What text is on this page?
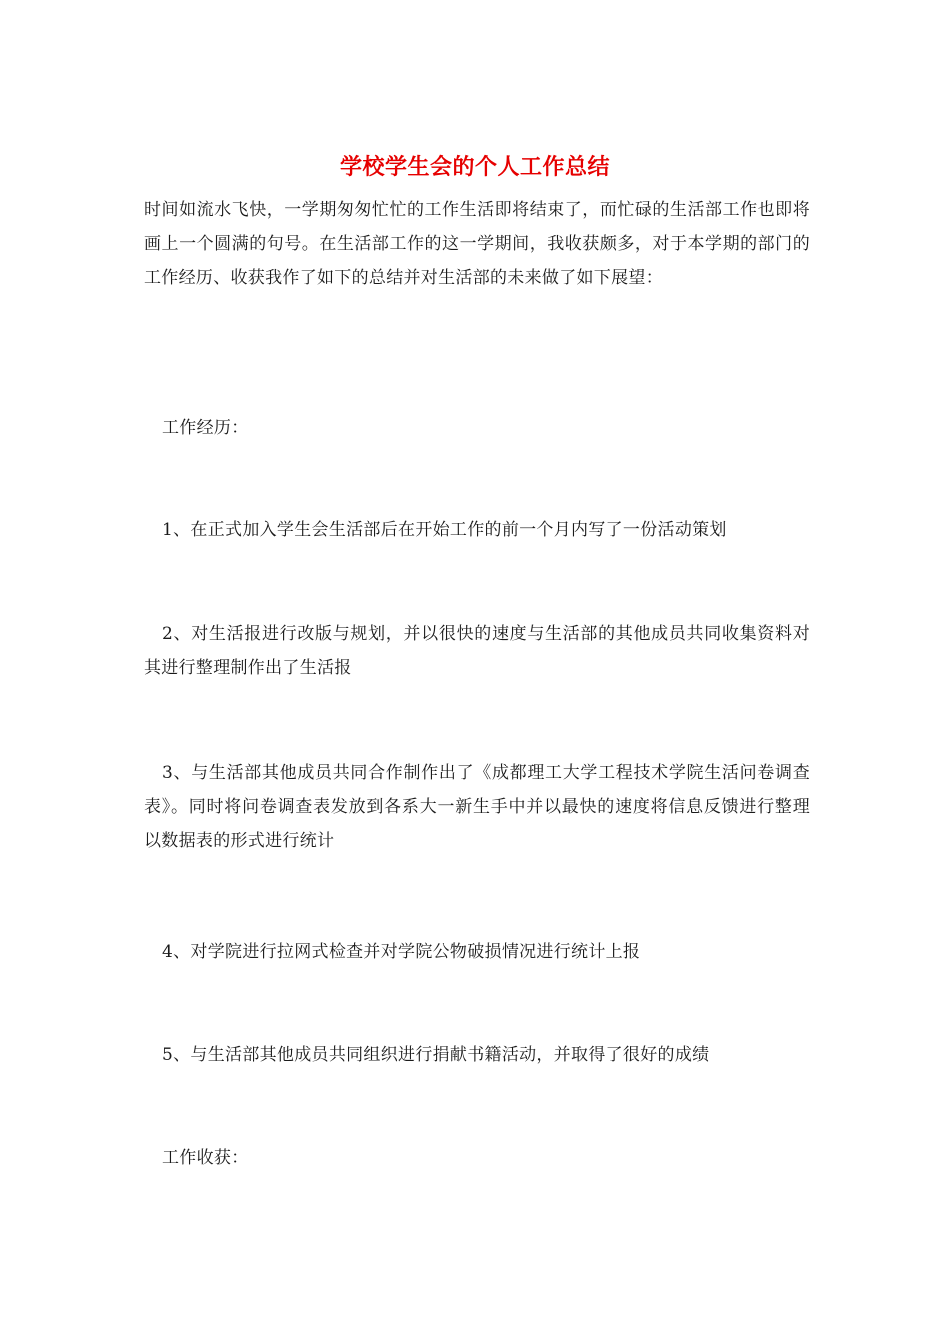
学校学生会的个人工作总结

时间如流水飞快，一学期匆匆忙忙的工作生活即将结束了，而忙碌的生活部工作也即将画上一个圆满的句号。在生活部工作的这一学期间，我收获颇多，对于本学期的部门的工作经历、收获我作了如下的总结并对生活部的未来做了如下展望：

工作经历：

1、在正式加入学生会生活部后在开始工作的前一个月内写了一份活动策划

2、对生活报进行改版与规划，并以很快的速度与生活部的其他成员共同收集资料对其进行整理制作出了生活报

3、与生活部其他成员共同合作制作出了《成都理工大学工程技术学院生活问卷调查表》。同时将问卷调查表发放到各系大一新生手中并以最快的速度将信息反馈进行整理以数据表的形式进行统计

4、对学院进行拉网式检查并对学院公物破损情况进行统计上报

5、与生活部其他成员共同组织进行捐献书籍活动，并取得了很好的成绩

工作收获：
